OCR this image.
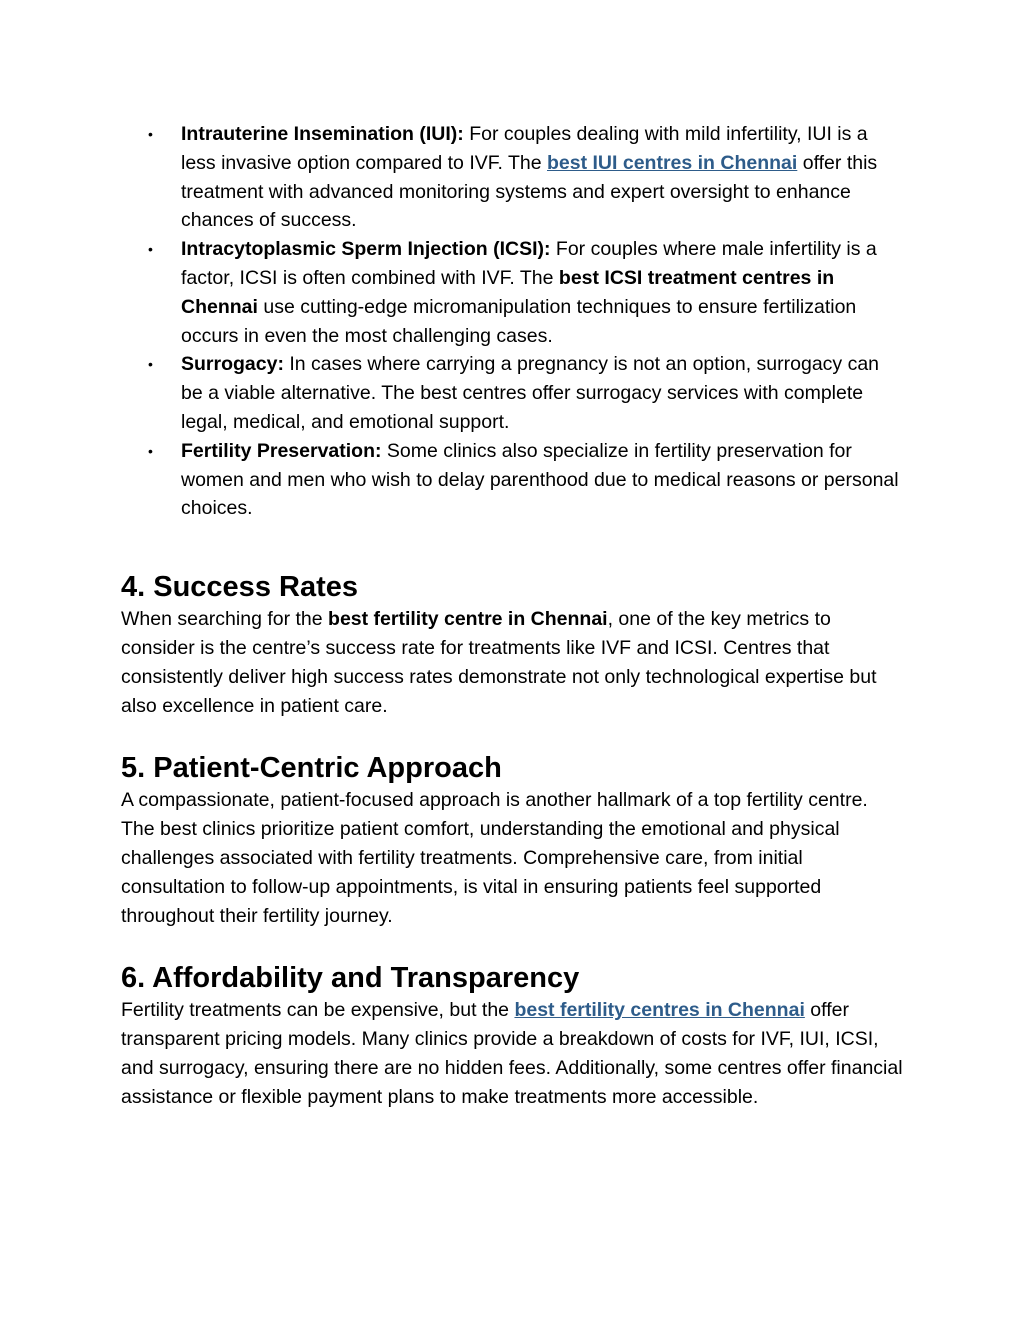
• Intrauterine Insemination (IUI): For couples dealing with mild infertility, IUI is a less invasive option compared to IVF. The best IUI centres in Chennai offer this treatment with advanced monitoring systems and expert oversight to enhance chances of success.
• Intracytoplasmic Sperm Injection (ICSI): For couples where male infertility is a factor, ICSI is often combined with IVF. The best ICSI treatment centres in Chennai use cutting-edge micromanipulation techniques to ensure fertilization occurs in even the most challenging cases.
• Surrogacy: In cases where carrying a pregnancy is not an option, surrogacy can be a viable alternative. The best centres offer surrogacy services with complete legal, medical, and emotional support.
• Fertility Preservation: Some clinics also specialize in fertility preservation for women and men who wish to delay parenthood due to medical reasons or personal choices.
4. Success Rates

When searching for the best fertility centre in Chennai, one of the key metrics to consider is the centre’s success rate for treatments like IVF and ICSI. Centres that consistently deliver high success rates demonstrate not only technological expertise but also excellence in patient care.

5. Patient-Centric Approach

A compassionate, patient-focused approach is another hallmark of a top fertility centre. The best clinics prioritize patient comfort, understanding the emotional and physical challenges associated with fertility treatments. Comprehensive care, from initial consultation to follow-up appointments, is vital in ensuring patients feel supported throughout their fertility journey.

6. Affordability and Transparency

Fertility treatments can be expensive, but the best fertility centres in Chennai offer transparent pricing models. Many clinics provide a breakdown of costs for IVF, IUI, ICSI, and surrogacy, ensuring there are no hidden fees. Additionally, some centres offer financial assistance or flexible payment plans to make treatments more accessible.
